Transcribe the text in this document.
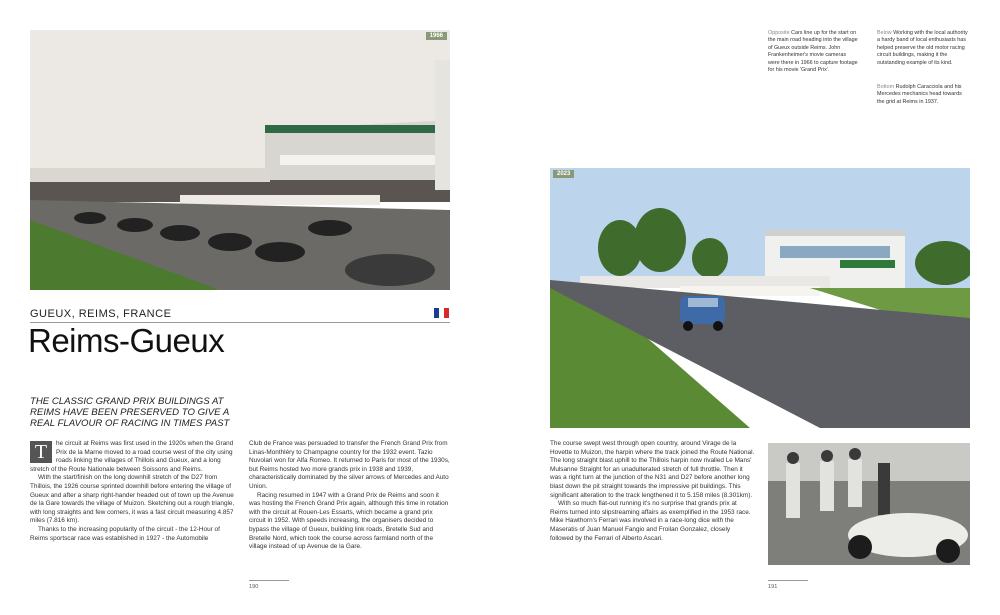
1966
GUEUX, REIMS, FRANCE
Reims-Gueux
THE CLASSIC GRAND PRIX BUILDINGS AT REIMS HAVE BEEN PRESERVED TO GIVE A REAL FLAVOUR OF RACING IN TIMES PAST
T	he circuit at Reims was first used in the 1920s when the Grand Prix de la Marne moved to a road course west of the city using roads linking the villages of Thillois and Gueux, and a long stretch of the Route Nationale between Soissons and Reims.

With the start/finish on the long downhill stretch of the D27 from Thillois, the 1926 course sprinted downhill before entering the village of Gueux and after a sharp right-hander headed out of town up the Avenue de la Gare towards the village of Muizon. Sketching out a rough triangle, with long straights and few corners, it was a fast circuit measuring 4.857 miles (7.816 km).

Thanks to the increasing popularity of the circuit - the 12-Hour of Reims sportscar race was established in 1927 - the Automobile

Club de France was persuaded to transfer the French Grand Prix from Linas-Monthléry to Champagne country for the 1932 event. Tazio Nuvolari won for Alfa Romeo. It returned to Paris for most of the 1930s, but Reims hosted two more grands prix in 1938 and 1939, characteristically dominated by the silver arrows of Mercedes and Auto Union.

Racing resumed in 1947 with a Grand Prix de Reims and soon it was hosting the French Grand Prix again, although this time in rotation with the circuit at Rouen-Les Essarts, which became a grand prix circuit in 1952. With speeds increasing, the organisers decided to bypass the village of Gueux, building link roads, Bretelle Sud and Bretelle Nord, which took the course across farmland north of the village instead of up Avenue de la Gare.

190
Opposite Cars line up for the start on the main road heading into the village of Gueux outside Reims. John Frankenheimer's movie cameras were there in 1966 to capture footage for his movie 'Grand Prix'.
Below Working with the local authority a hardy band of local enthusiasts has helped preserve the old motor racing circuit buildings, making it the outstanding example of its kind.
Bottom Rudolph Caracciola and his Mercedes mechanics head towards the grid at Reims in 1937.
2023

The course swept west through open country, around Virage de la Hovette to Muizon, the harpin where the track joined the Route National. The long straight blast uphill to the Thillois harpin now rivalled Le Mans' Mulsanne Straight for an unadulterated stretch of full throttle. Then it was a right turn at the junction of the N31 and D27 before another long blast down the pit straight towards the impressive pit buildings. This significant alteration to the track lengthened it to 5.158 miles (8.301km).

With so much flat-out running it's no surprise that grands prix at Reims turned into slipstreaming affairs as exemplified in the 1953 race. Mike Hawthorn's Ferrari was involved in a race-long dice with the Maseratis of Juan Manuel Fangio and Froilan Gonzalez, closely followed by the Ferrari of Alberto Ascari.

191
